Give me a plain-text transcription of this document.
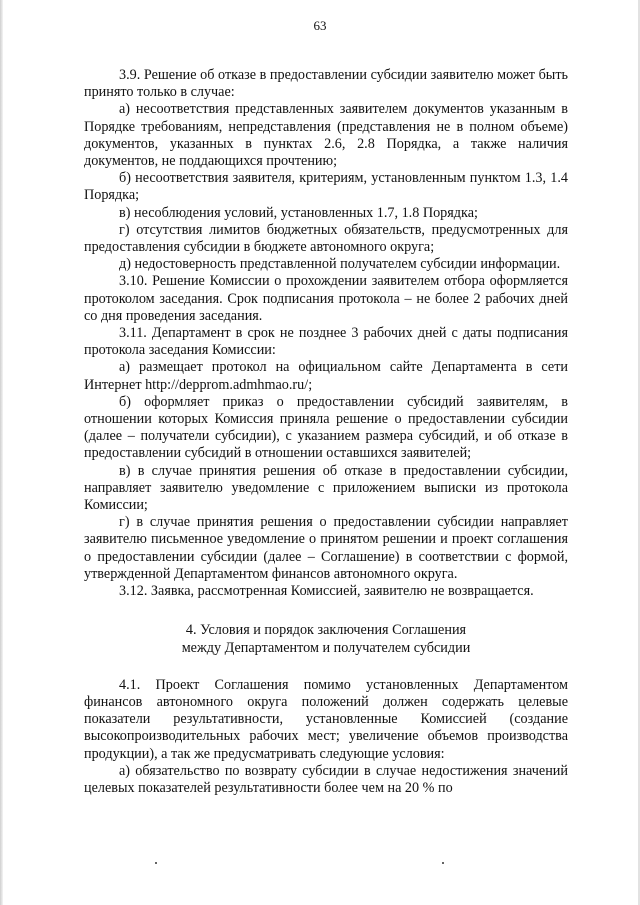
63

3.9. Решение об отказе в предоставлении субсидии заявителю может быть принято только в случае:

а) несоответствия представленных заявителем документов указанным в Порядке требованиям, непредставления (представления не в полном объеме) документов, указанных в пунктах 2.6, 2.8 Порядка, а также наличия документов, не поддающихся прочтению;

б) несоответствия заявителя, критериям, установленным пунктом 1.3, 1.4 Порядка;

в) несоблюдения условий, установленных 1.7, 1.8 Порядка;

г) отсутствия лимитов бюджетных обязательств, предусмотренных для предоставления субсидии в бюджете автономного округа;

д) недостоверность представленной получателем субсидии информации.

3.10. Решение Комиссии о прохождении заявителем отбора оформляется протоколом заседания. Срок подписания протокола – не более 2 рабочих дней со дня проведения заседания.

3.11. Департамент в срок не позднее 3 рабочих дней с даты подписания протокола заседания Комиссии:

а) размещает протокол на официальном сайте Департамента в сети Интернет http://depprom.admhmao.ru/;

б) оформляет приказ о предоставлении субсидий заявителям, в отношении которых Комиссия приняла решение о предоставлении субсидии (далее – получатели субсидии), с указанием размера субсидий, и об отказе в предоставлении субсидий в отношении оставшихся заявителей;

в) в случае принятия решения об отказе в предоставлении субсидии, направляет заявителю уведомление с приложением выписки из протокола Комиссии;

г) в случае принятия решения о предоставлении субсидии направляет заявителю письменное уведомление о принятом решении и проект соглашения о предоставлении субсидии (далее – Соглашение) в соответствии с формой, утвержденной Департаментом финансов автономного округа.

3.12. Заявка, рассмотренная Комиссией, заявителю не возвращается.

4. Условия и порядок заключения Соглашения
между Департаментом и получателем субсидии

4.1. Проект Соглашения помимо установленных Департаментом финансов автономного округа положений должен содержать целевые показатели результативности, установленные Комиссией (создание высокопроизводительных рабочих мест; увеличение объемов производства продукции), а так же предусматривать следующие условия:

а) обязательство по возврату субсидии в случае недостижения значений целевых показателей результативности более чем на 20 % по
